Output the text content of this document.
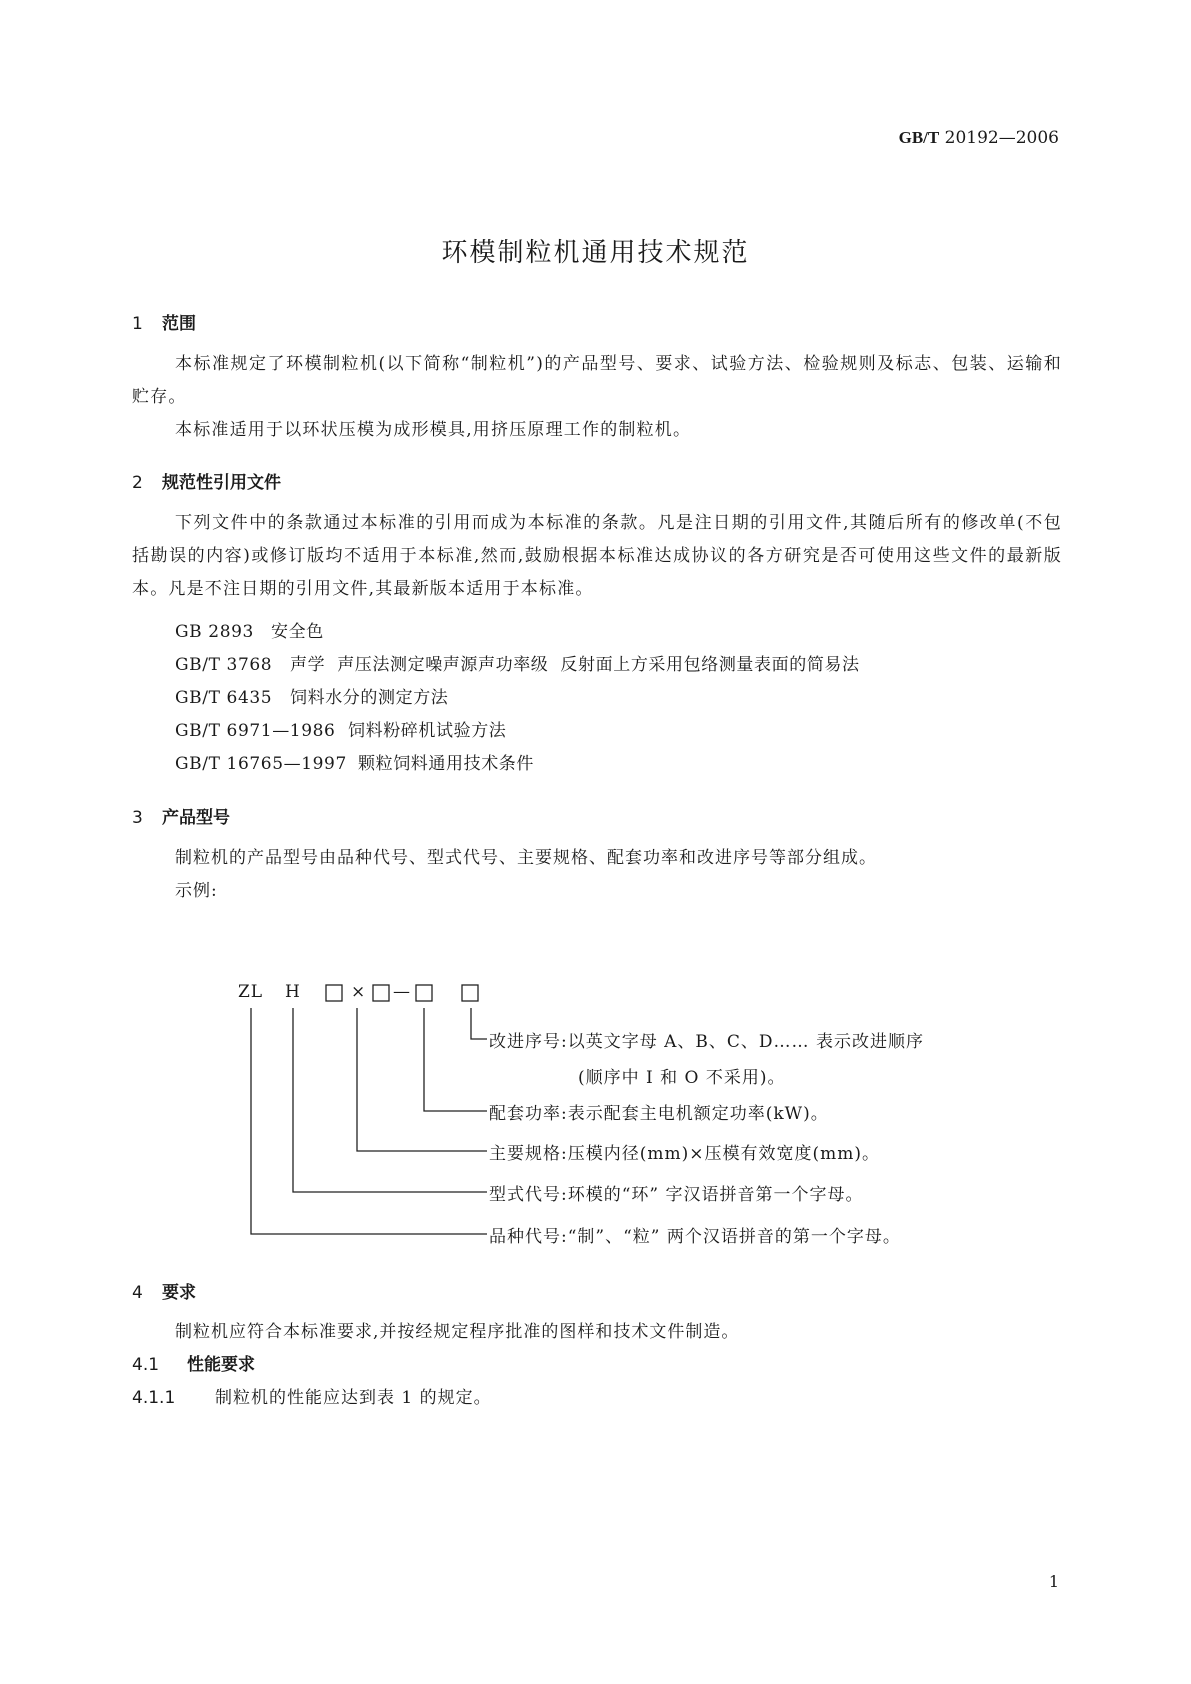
GB/T 20192—2006
环模制粒机通用技术规范
1 范围
本标准规定了环模制粒机(以下简称“制粒机”)的产品型号、要求、试验方法、检验规则及标志、包装、运输和贮存。
本标准适用于以环状压模为成形模具,用挤压原理工作的制粒机。
2 规范性引用文件
下列文件中的条款通过本标准的引用而成为本标准的条款。凡是注日期的引用文件,其随后所有的修改单(不包括勘误的内容)或修订版均不适用于本标准,然而,鼓励根据本标准达成协议的各方研究是否可使用这些文件的最新版本。凡是不注日期的引用文件,其最新版本适用于本标准。
GB 2893 安全色
GB/T 3768 声学  声压法测定噪声源声功率级  反射面上方采用包络测量表面的简易法
GB/T 6435 饲料水分的测定方法
GB/T 6971—1986 饲料粉碎机试验方法
GB/T 16765—1997 颗粒饲料通用技术条件
3 产品型号
制粒机的产品型号由品种代号、型式代号、主要规格、配套功率和改进序号等部分组成。
示例:
ZL H	× —
改进序号:以英文字母 A、B、C、D…… 表示改进顺序
(顺序中 I 和 O 不采用)。
配套功率:表示配套主电机额定功率(kW)。
主要规格:压模内径(mm)×压模有效宽度(mm)。
型式代号:环模的“环” 字汉语拼音第一个字母。
品种代号:“制”、“粒” 两个汉语拼音的第一个字母。
4 要求
制粒机应符合本标准要求,并按经规定程序批准的图样和技术文件制造。
4.1 性能要求
4.1.1 制粒机的性能应达到表 1 的规定。
1
